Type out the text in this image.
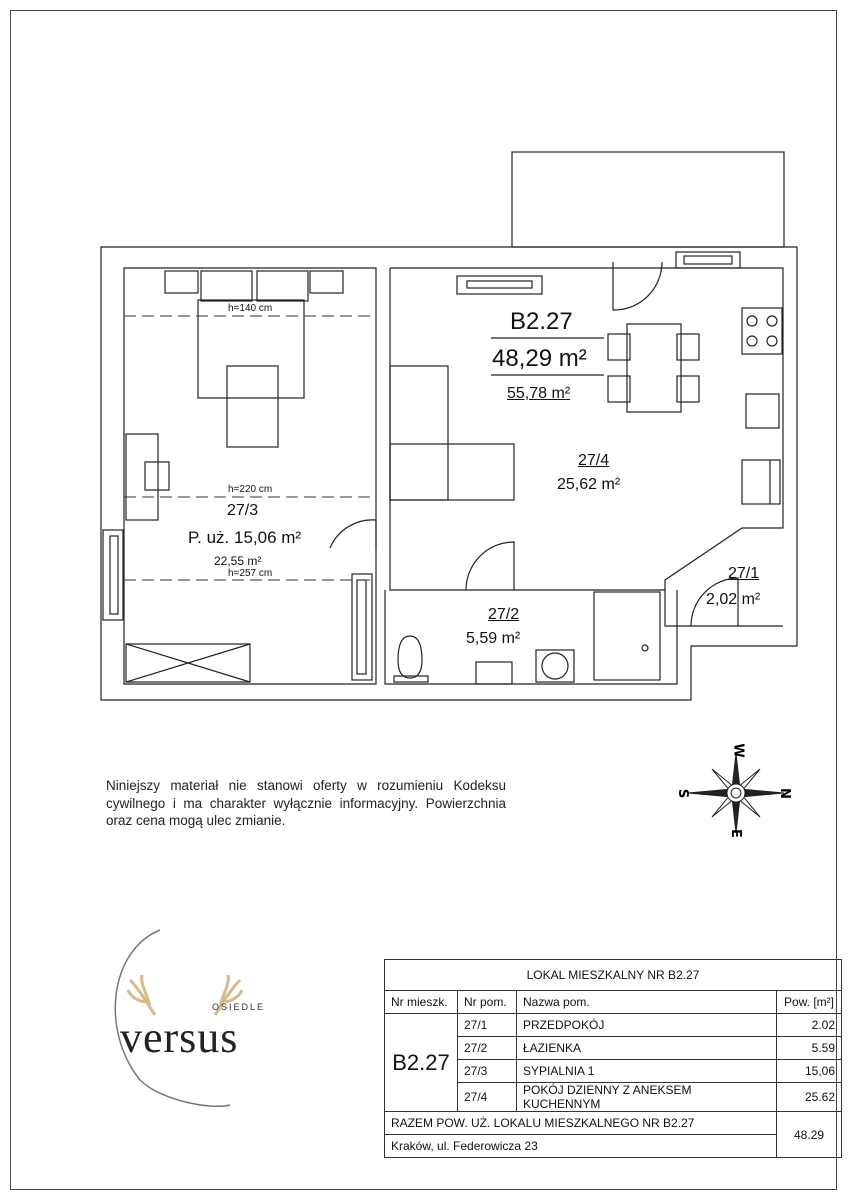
B2.27
48,29 m²
55,78 m²
h=140 cm
h=220 cm
h=257 cm
27/3
P. uż. 15,06 m²
22,55 m²
27/4
25,62 m²
27/2
5,59 m²
27/1
2,02 m²
Niniejszy materiał nie stanowi oferty w rozumieniu Kodeksu cywilnego i ma charakter wyłącznie informacyjny. Powierzchnia oraz cena mogą ulec zmianie.
W
S	N
E
OSIEDLE
versus
LOKAL MIESZKALNY NR B2.27			
Nr mieszk.	Nr pom.	Nazwa pom.	Pow. [m²]
B2.27	27/1	PRZEDPOKÓJ	2.02
	27/2	ŁAZIENKA	5.59
	27/3	SYPIALNIA 1	15,06
	27/4	POKÓJ DZIENNY Z ANEKSEM KUCHENNYM	25.62
RAZEM POW. UŻ. LOKALU MIESZKALNEGO NR B2.27			48.29
Kraków, ul. Federowicza 23			
